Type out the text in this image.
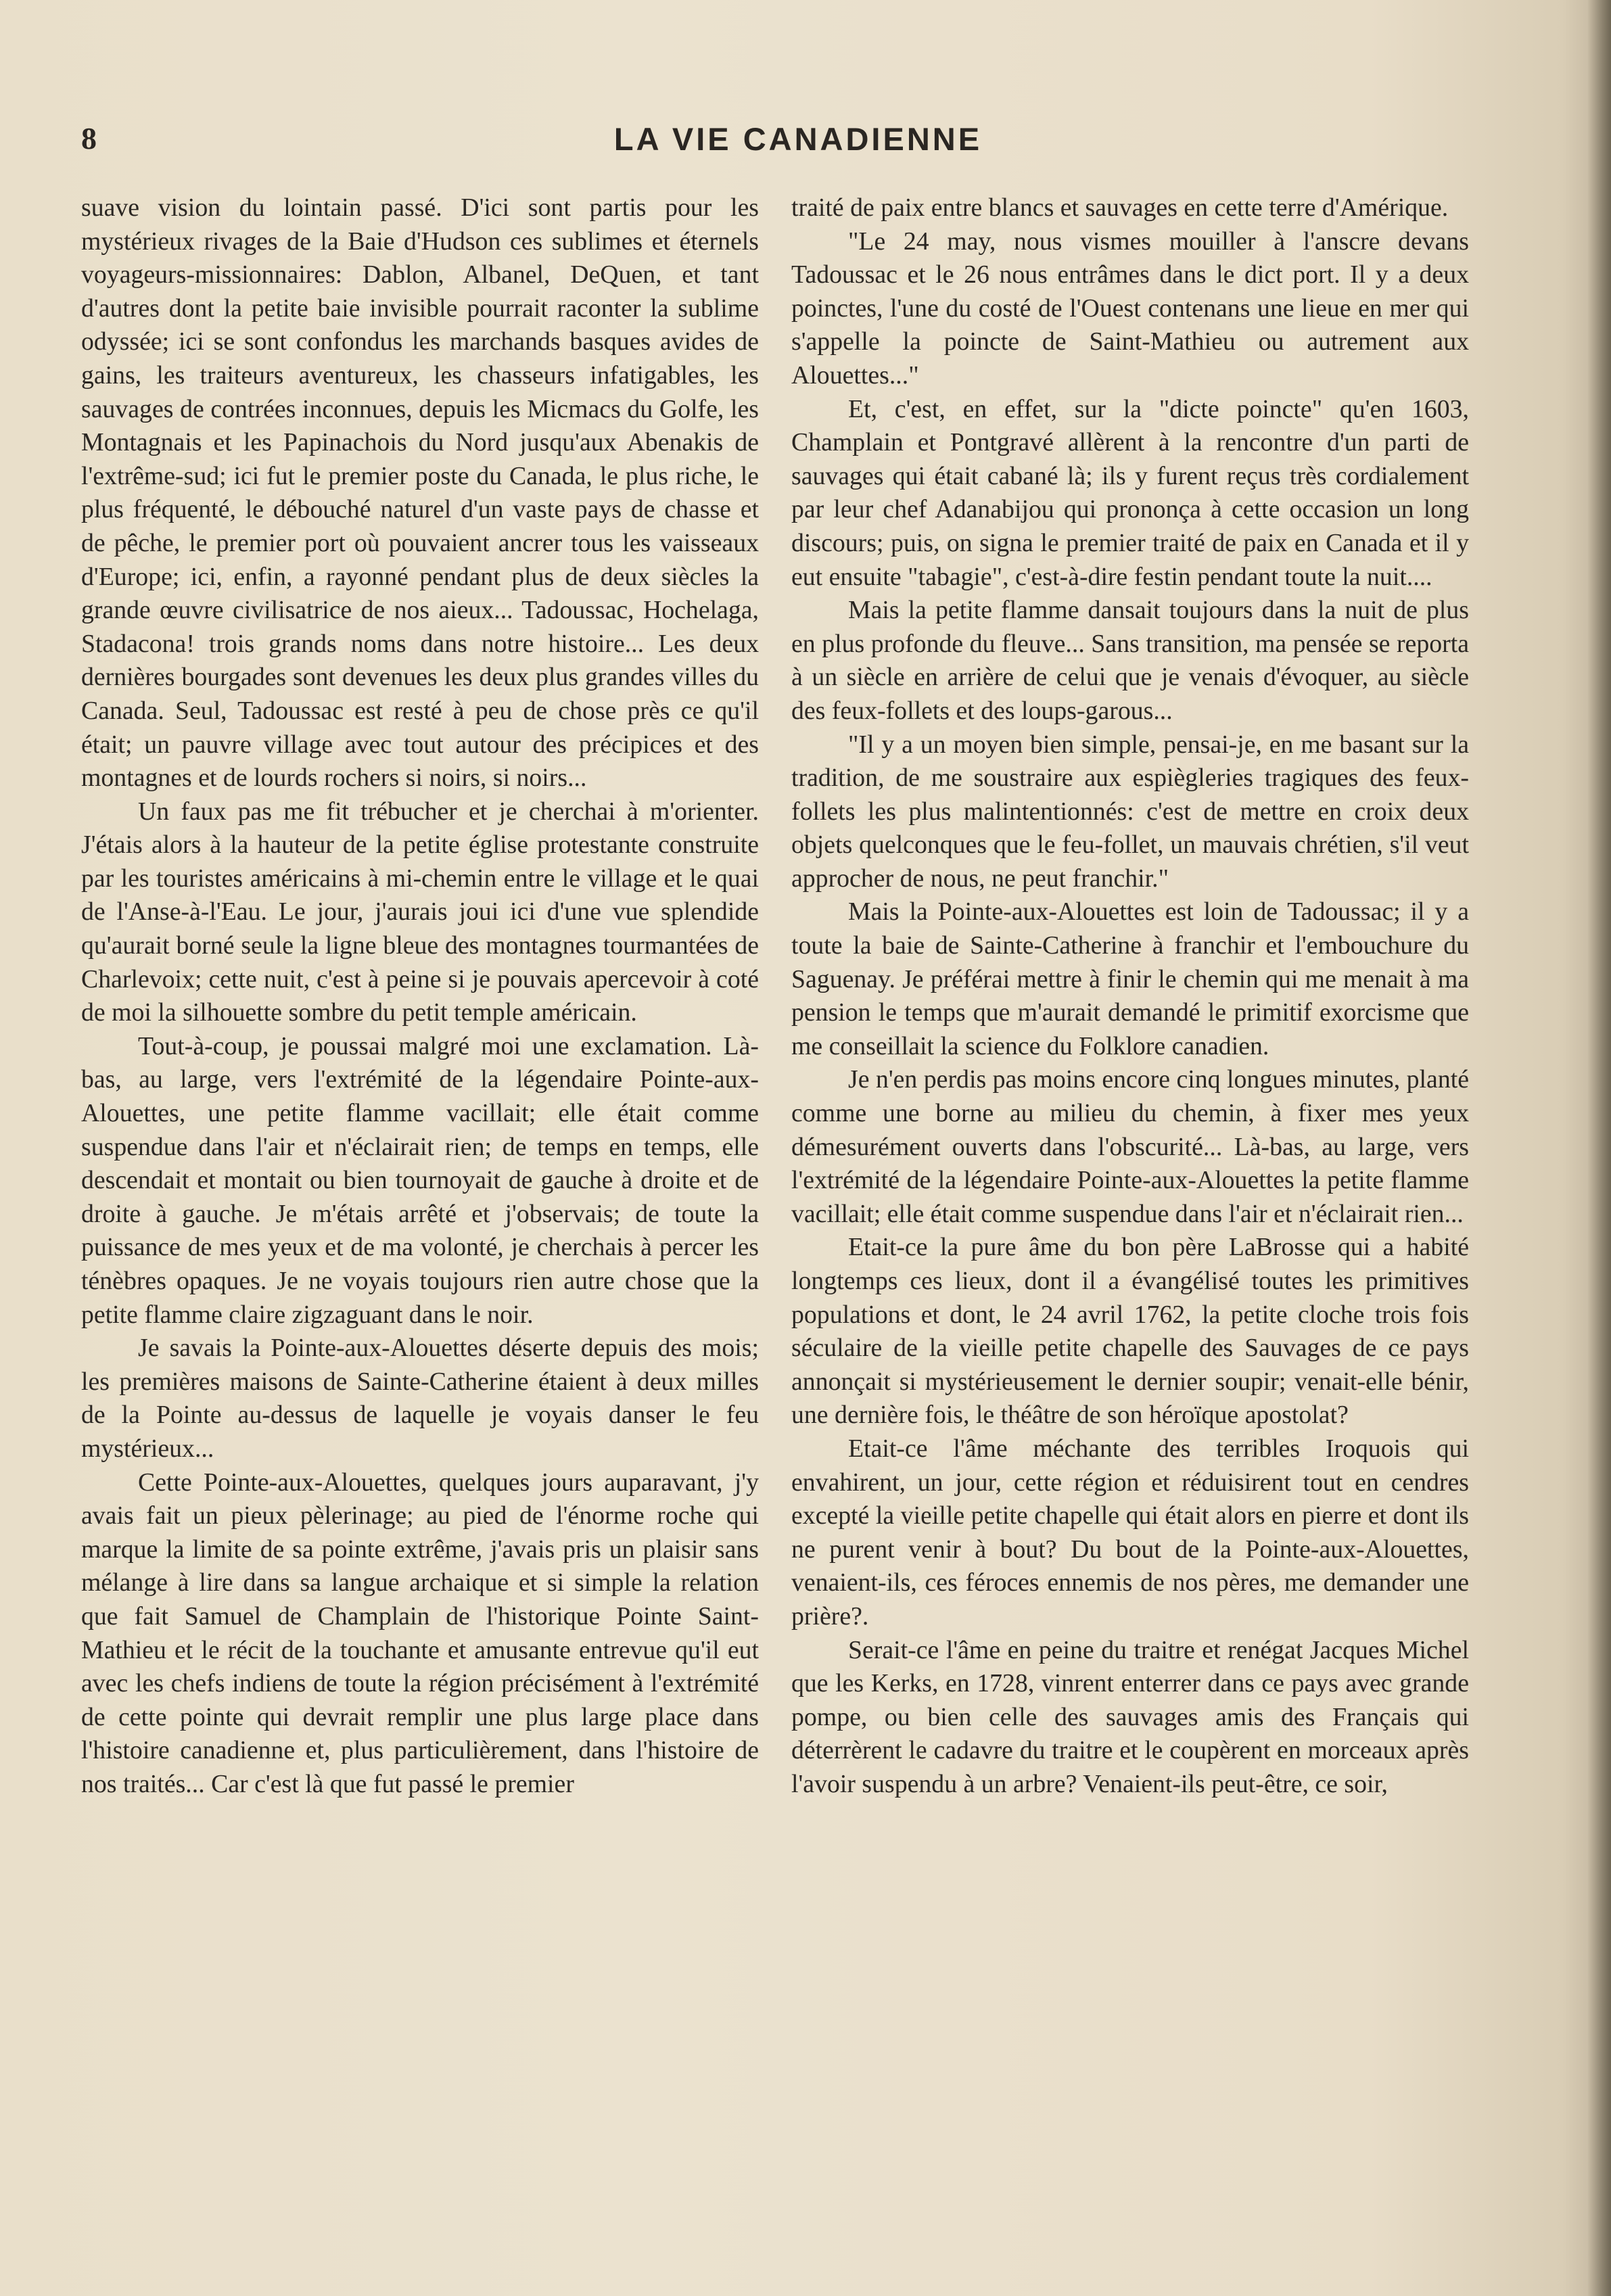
8	LA VIE CANADIENNE

suave vision du lointain passé. D'ici sont partis pour les mystérieux rivages de la Baie d'Hudson ces sublimes et éternels voyageurs-missionnaires: Dablon, Albanel, DeQuen, et tant d'autres dont la petite baie invisible pourrait raconter la sublime odyssée; ici se sont confondus les marchands basques avides de gains, les traiteurs aventureux, les chasseurs infatigables, les sauvages de contrées inconnues, depuis les Micmacs du Golfe, les Montagnais et les Papinachois du Nord jusqu'aux Abenakis de l'extrême-sud; ici fut le premier poste du Canada, le plus riche, le plus fréquenté, le débouché naturel d'un vaste pays de chasse et de pêche, le premier port où pouvaient ancrer tous les vaisseaux d'Europe; ici, enfin, a rayonné pendant plus de deux siècles la grande œuvre civilisatrice de nos aieux... Tadoussac, Hochelaga, Stadacona! trois grands noms dans notre histoire... Les deux dernières bourgades sont devenues les deux plus grandes villes du Canada. Seul, Tadoussac est resté à peu de chose près ce qu'il était; un pauvre village avec tout autour des précipices et des montagnes et de lourds rochers si noirs, si noirs...

Un faux pas me fit trébucher et je cherchai à m'orienter. J'étais alors à la hauteur de la petite église protestante construite par les touristes américains à mi-chemin entre le village et le quai de l'Anse-à-l'Eau. Le jour, j'aurais joui ici d'une vue splendide qu'aurait borné seule la ligne bleue des montagnes tourmantées de Charlevoix; cette nuit, c'est à peine si je pouvais apercevoir à coté de moi la silhouette sombre du petit temple américain.

Tout-à-coup, je poussai malgré moi une exclamation. Là-bas, au large, vers l'extrémité de la légendaire Pointe-aux-Alouettes, une petite flamme vacillait; elle était comme suspendue dans l'air et n'éclairait rien; de temps en temps, elle descendait et montait ou bien tournoyait de gauche à droite et de droite à gauche. Je m'étais arrêté et j'observais; de toute la puissance de mes yeux et de ma volonté, je cherchais à percer les ténèbres opaques. Je ne voyais toujours rien autre chose que la petite flamme claire zigzaguant dans le noir.

Je savais la Pointe-aux-Alouettes déserte depuis des mois; les premières maisons de Sainte-Catherine étaient à deux milles de la Pointe au-dessus de laquelle je voyais danser le feu mystérieux...

Cette Pointe-aux-Alouettes, quelques jours auparavant, j'y avais fait un pieux pèlerinage; au pied de l'énorme roche qui marque la limite de sa pointe extrême, j'avais pris un plaisir sans mélange à lire dans sa langue archaique et si simple la relation que fait Samuel de Champlain de l'historique Pointe Saint-Mathieu et le récit de la touchante et amusante entrevue qu'il eut avec les chefs indiens de toute la région précisément à l'extrémité de cette pointe qui devrait remplir une plus large place dans l'histoire canadienne et, plus particulièrement, dans l'histoire de nos traités... Car c'est là que fut passé le premier

traité de paix entre blancs et sauvages en cette terre d'Amérique.

"Le 24 may, nous vismes mouiller à l'anscre devans Tadoussac et le 26 nous entrâmes dans le dict port. Il y a deux poinctes, l'une du costé de l'Ouest contenans une lieue en mer qui s'appelle la poincte de Saint-Mathieu ou autrement aux Alouettes..."

Et, c'est, en effet, sur la "dicte poincte" qu'en 1603, Champlain et Pontgravé allèrent à la rencontre d'un parti de sauvages qui était cabané là; ils y furent reçus très cordialement par leur chef Adanabijou qui prononça à cette occasion un long discours; puis, on signa le premier traité de paix en Canada et il y eut ensuite "tabagie", c'est-à-dire festin pendant toute la nuit....

Mais la petite flamme dansait toujours dans la nuit de plus en plus profonde du fleuve... Sans transition, ma pensée se reporta à un siècle en arrière de celui que je venais d'évoquer, au siècle des feux-follets et des loups-garous...

"Il y a un moyen bien simple, pensai-je, en me basant sur la tradition, de me soustraire aux espiègleries tragiques des feux-follets les plus malintentionnés: c'est de mettre en croix deux objets quelconques que le feu-follet, un mauvais chrétien, s'il veut approcher de nous, ne peut franchir."

Mais la Pointe-aux-Alouettes est loin de Tadoussac; il y a toute la baie de Sainte-Catherine à franchir et l'embouchure du Saguenay. Je préférai mettre à finir le chemin qui me menait à ma pension le temps que m'aurait demandé le primitif exorcisme que me conseillait la science du Folklore canadien.

Je n'en perdis pas moins encore cinq longues minutes, planté comme une borne au milieu du chemin, à fixer mes yeux démesurément ouverts dans l'obscurité... Là-bas, au large, vers l'extrémité de la légendaire Pointe-aux-Alouettes la petite flamme vacillait; elle était comme suspendue dans l'air et n'éclairait rien...

Etait-ce la pure âme du bon père LaBrosse qui a habité longtemps ces lieux, dont il a évangélisé toutes les primitives populations et dont, le 24 avril 1762, la petite cloche trois fois séculaire de la vieille petite chapelle des Sauvages de ce pays annonçait si mystérieusement le dernier soupir; venait-elle bénir, une dernière fois, le théâtre de son héroïque apostolat?

Etait-ce l'âme méchante des terribles Iroquois qui envahirent, un jour, cette région et réduisirent tout en cendres excepté la vieille petite chapelle qui était alors en pierre et dont ils ne purent venir à bout? Du bout de la Pointe-aux-Alouettes, venaient-ils, ces féroces ennemis de nos pères, me demander une prière?.

Serait-ce l'âme en peine du traitre et renégat Jacques Michel que les Kerks, en 1728, vinrent enterrer dans ce pays avec grande pompe, ou bien celle des sauvages amis des Français qui déterrèrent le cadavre du traitre et le coupèrent en morceaux après l'avoir suspendu à un arbre? Venaient-ils peut-être, ce soir,
